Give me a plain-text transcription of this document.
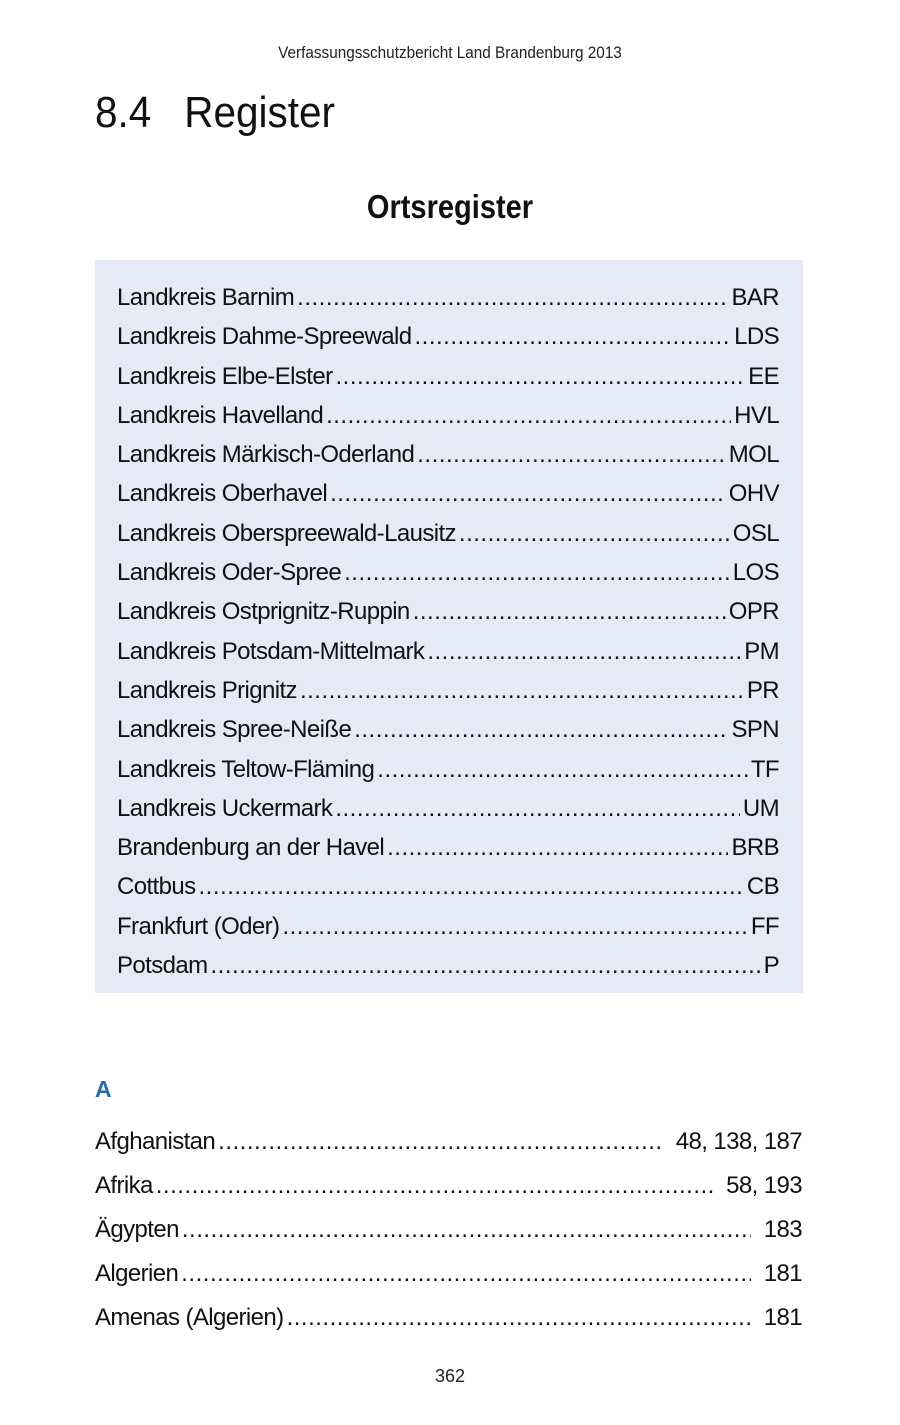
Verfassungsschutzbericht Land Brandenburg 2013
8.4 Register
Ortsregister
Landkreis Barnim .....	BAR
Landkreis Dahme-Spreewald .....	LDS
Landkreis Elbe-Elster .....	EE
Landkreis Havelland .....	HVL
Landkreis Märkisch-Oderland .....	MOL
Landkreis Oberhavel .....	OHV
Landkreis Oberspreewald-Lausitz .....	OSL
Landkreis Oder-Spree .....	LOS
Landkreis Ostprignitz-Ruppin .....	OPR
Landkreis Potsdam-Mittelmark .....	PM
Landkreis Prignitz .....	PR
Landkreis Spree-Neiße .....	SPN
Landkreis Teltow-Fläming .....	TF
Landkreis Uckermark .....	UM
Brandenburg an der Havel .....	BRB
Cottbus .....	CB
Frankfurt (Oder) .....	FF
Potsdam .....	P
A
Afghanistan .....	48, 138, 187
Afrika .....	58, 193
Ägypten .....	183
Algerien .....	181
Amenas (Algerien) .....	181
362
